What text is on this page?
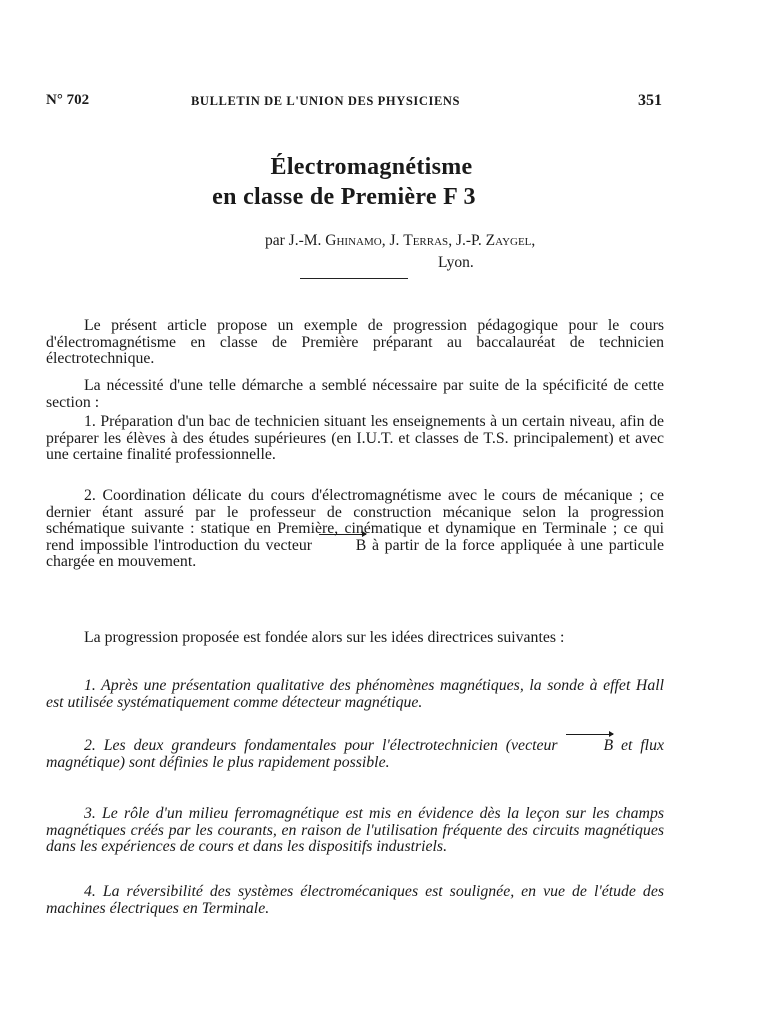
N° 702	BULLETIN DE L'UNION DES PHYSICIENS	351
Électromagnétisme
en classe de Première F 3
par J.-M. Ghinamo, J. Terras, J.-P. Zaygel,
Lyon.

Le présent article propose un exemple de progression pédagogique pour le cours d'électromagnétisme en classe de Première préparant au baccalauréat de technicien électrotechnique.

La nécessité d'une telle démarche a semblé nécessaire par suite de la spécificité de cette section :

1. Préparation d'un bac de technicien situant les enseignements à un certain niveau, afin de préparer les élèves à des études supérieures (en I.U.T. et classes de T.S. principalement) et avec une certaine finalité professionnelle.

2. Coordination délicate du cours d'électromagnétisme avec le cours de mécanique ; ce dernier étant assuré par le professeur de construction mécanique selon la progression schématique suivante : statique en Première, cinématique et dynamique en Terminale ; ce qui rend impossible l'introduction du vecteur B à partir de la force appliquée à une particule chargée en mouvement.

La progression proposée est fondée alors sur les idées directrices suivantes :

1. Après une présentation qualitative des phénomènes magnétiques, la sonde à effet Hall est utilisée systématiquement comme détecteur magnétique.

2. Les deux grandeurs fondamentales pour l'électrotechnicien (vecteur B et flux magnétique) sont définies le plus rapidement possible.

3. Le rôle d'un milieu ferromagnétique est mis en évidence dès la leçon sur les champs magnétiques créés par les courants, en raison de l'utilisation fréquente des circuits magnétiques dans les expériences de cours et dans les dispositifs industriels.

4. La réversibilité des systèmes électromécaniques est soulignée, en vue de l'étude des machines électriques en Terminale.
